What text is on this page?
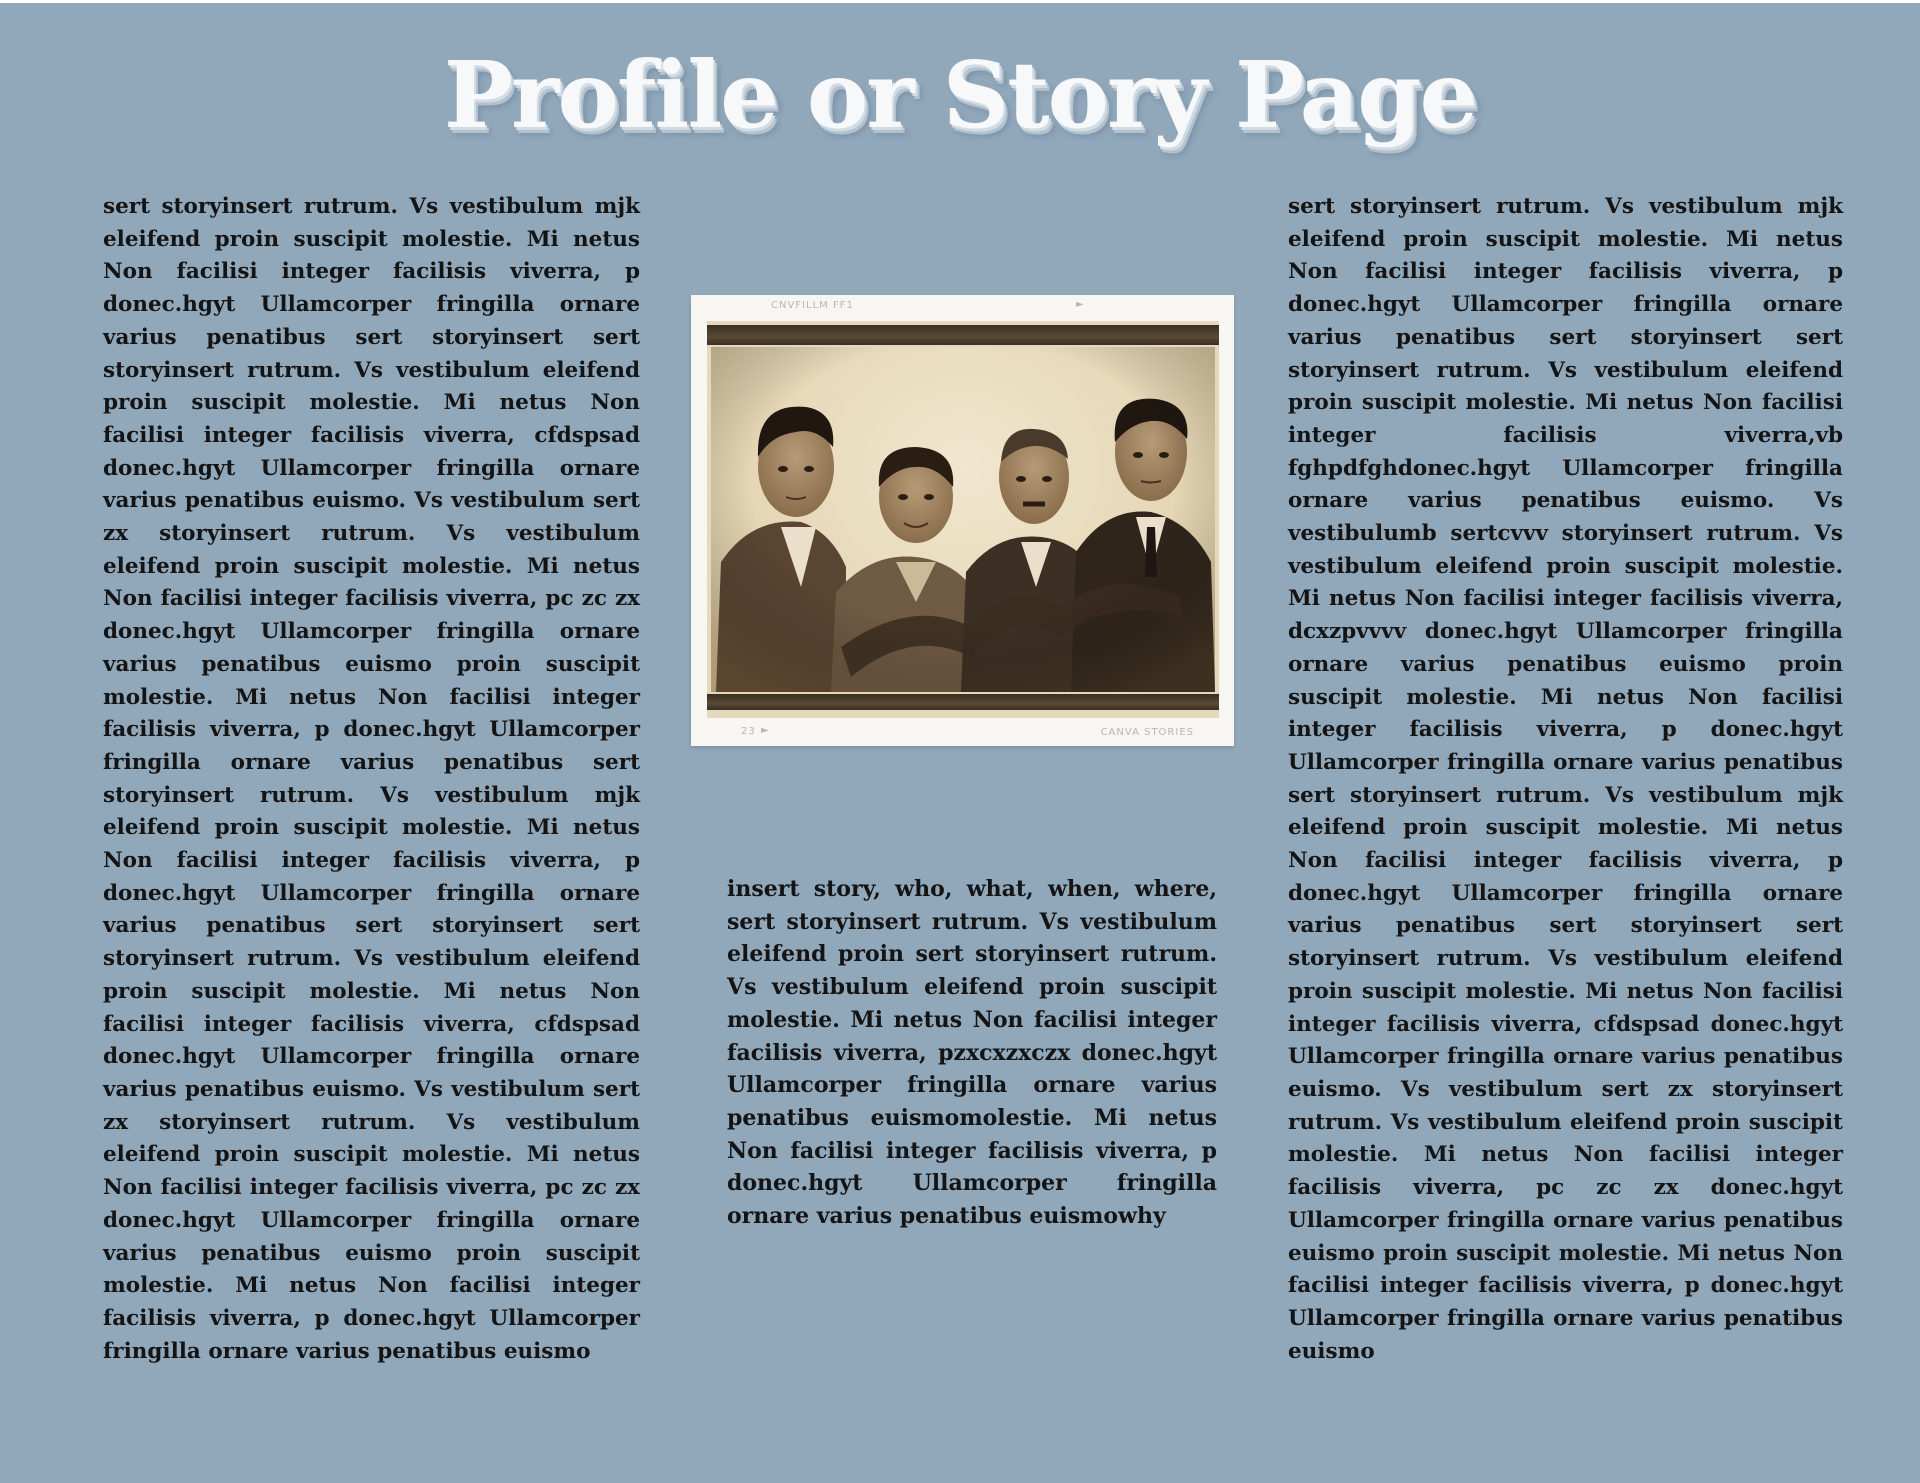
Profile or Story Page

sert storyinsert rutrum. Vs vestibulum mjk eleifend proin suscipit molestie. Mi netus Non facilisi integer facilisis viverra, p donec.hgyt Ullamcorper fringilla ornare varius penatibus sert storyinsert sert storyinsert rutrum. Vs vestibulum eleifend proin suscipit molestie. Mi netus Non facilisi integer facilisis viverra, cfdspsad donec.hgyt Ullamcorper fringilla ornare varius penatibus euismo. Vs vestibulum sert zx storyinsert rutrum. Vs vestibulum eleifend proin suscipit molestie. Mi netus Non facilisi integer facilisis viverra, pc zc zx donec.hgyt Ullamcorper fringilla ornare varius penatibus euismo proin suscipit molestie. Mi netus Non facilisi integer facilisis viverra, p donec.hgyt Ullamcorper fringilla ornare varius penatibus sert storyinsert rutrum. Vs vestibulum mjk eleifend proin suscipit molestie. Mi netus Non facilisi integer facilisis viverra, p donec.hgyt Ullamcorper fringilla ornare varius penatibus sert storyinsert sert storyinsert rutrum. Vs vestibulum eleifend proin suscipit molestie. Mi netus Non facilisi integer facilisis viverra, cfdspsad donec.hgyt Ullamcorper fringilla ornare varius penatibus euismo. Vs vestibulum sert zx storyinsert rutrum. Vs vestibulum eleifend proin suscipit molestie. Mi netus Non facilisi integer facilisis viverra, pc zc zx donec.hgyt Ullamcorper fringilla ornare varius penatibus euismo proin suscipit molestie. Mi netus Non facilisi integer facilisis viverra, p donec.hgyt Ullamcorper fringilla ornare varius penatibus euismo

CNVFILLM FF1	►
23 ►	CANVA STORIES

insert story, who, what, when, where, sert storyinsert rutrum. Vs vestibulum eleifend proin sert storyinsert rutrum. Vs vestibulum eleifend proin suscipit molestie. Mi netus Non facilisi integer facilisis viverra, pzxcxzxczx donec.hgyt Ullamcorper fringilla ornare varius penatibus euismomolestie. Mi netus Non facilisi integer facilisis viverra, p donec.hgyt Ullamcorper fringilla ornare varius penatibus euismowhy

sert storyinsert rutrum. Vs vestibulum mjk eleifend proin suscipit molestie. Mi netus Non facilisi integer facilisis viverra, p donec.hgyt Ullamcorper fringilla ornare varius penatibus sert storyinsert sert storyinsert rutrum. Vs vestibulum eleifend proin suscipit molestie. Mi netus Non facilisi integer facilisis viverra,vb fghpdfghdonec.hgyt Ullamcorper fringilla ornare varius penatibus euismo. Vs vestibulumb sertcvvv storyinsert rutrum. Vs vestibulum eleifend proin suscipit molestie. Mi netus Non facilisi integer facilisis viverra, dcxzpvvvv donec.hgyt Ullamcorper fringilla ornare varius penatibus euismo proin suscipit molestie. Mi netus Non facilisi integer facilisis viverra, p donec.hgyt Ullamcorper fringilla ornare varius penatibus sert storyinsert rutrum. Vs vestibulum mjk eleifend proin suscipit molestie. Mi netus Non facilisi integer facilisis viverra, p donec.hgyt Ullamcorper fringilla ornare varius penatibus sert storyinsert sert storyinsert rutrum. Vs vestibulum eleifend proin suscipit molestie. Mi netus Non facilisi integer facilisis viverra, cfdspsad donec.hgyt Ullamcorper fringilla ornare varius penatibus euismo. Vs vestibulum sert zx storyinsert rutrum. Vs vestibulum eleifend proin suscipit molestie. Mi netus Non facilisi integer facilisis viverra, pc zc zx donec.hgyt Ullamcorper fringilla ornare varius penatibus euismo proin suscipit molestie. Mi netus Non facilisi integer facilisis viverra, p donec.hgyt Ullamcorper fringilla ornare varius penatibus euismo
